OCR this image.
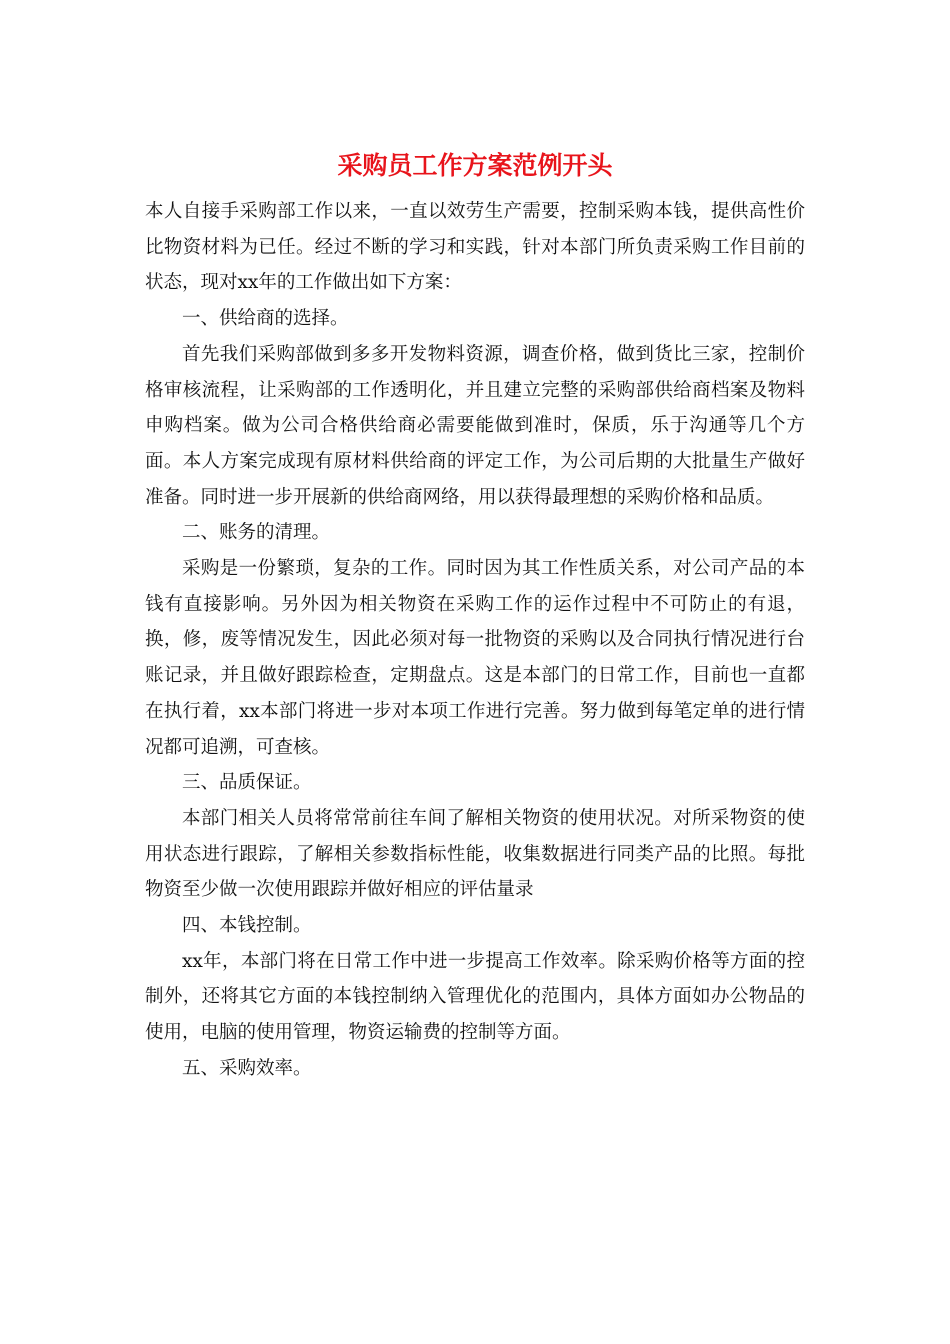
采购员工作方案范例开头

本人自接手采购部工作以来，一直以效劳生产需要，控制采购本钱，提供高性价比物资材料为已任。经过不断的学习和实践，针对本部门所负责采购工作目前的状态，现对xx年的工作做出如下方案：

一、供给商的选择。

首先我们采购部做到多多开发物料资源，调查价格，做到货比三家，控制价格审核流程，让采购部的工作透明化，并且建立完整的采购部供给商档案及物料申购档案。做为公司合格供给商必需要能做到准时，保质，乐于沟通等几个方面。本人方案完成现有原材料供给商的评定工作，为公司后期的大批量生产做好准备。同时进一步开展新的供给商网络，用以获得最理想的采购价格和品质。

二、账务的清理。

采购是一份繁琐，复杂的工作。同时因为其工作性质关系，对公司产品的本钱有直接影响。另外因为相关物资在采购工作的运作过程中不可防止的有退，换，修，废等情况发生，因此必须对每一批物资的采购以及合同执行情况进行台账记录，并且做好跟踪检查，定期盘点。这是本部门的日常工作，目前也一直都在执行着，xx本部门将进一步对本项工作进行完善。努力做到每笔定单的进行情况都可追溯，可查核。

三、品质保证。

本部门相关人员将常常前往车间了解相关物资的使用状况。对所采物资的使用状态进行跟踪，了解相关参数指标性能，收集数据进行同类产品的比照。每批物资至少做一次使用跟踪并做好相应的评估量录

四、本钱控制。

xx年，本部门将在日常工作中进一步提高工作效率。除采购价格等方面的控制外，还将其它方面的本钱控制纳入管理优化的范围内，具体方面如办公物品的使用，电脑的使用管理，物资运输费的控制等方面。

五、采购效率。
